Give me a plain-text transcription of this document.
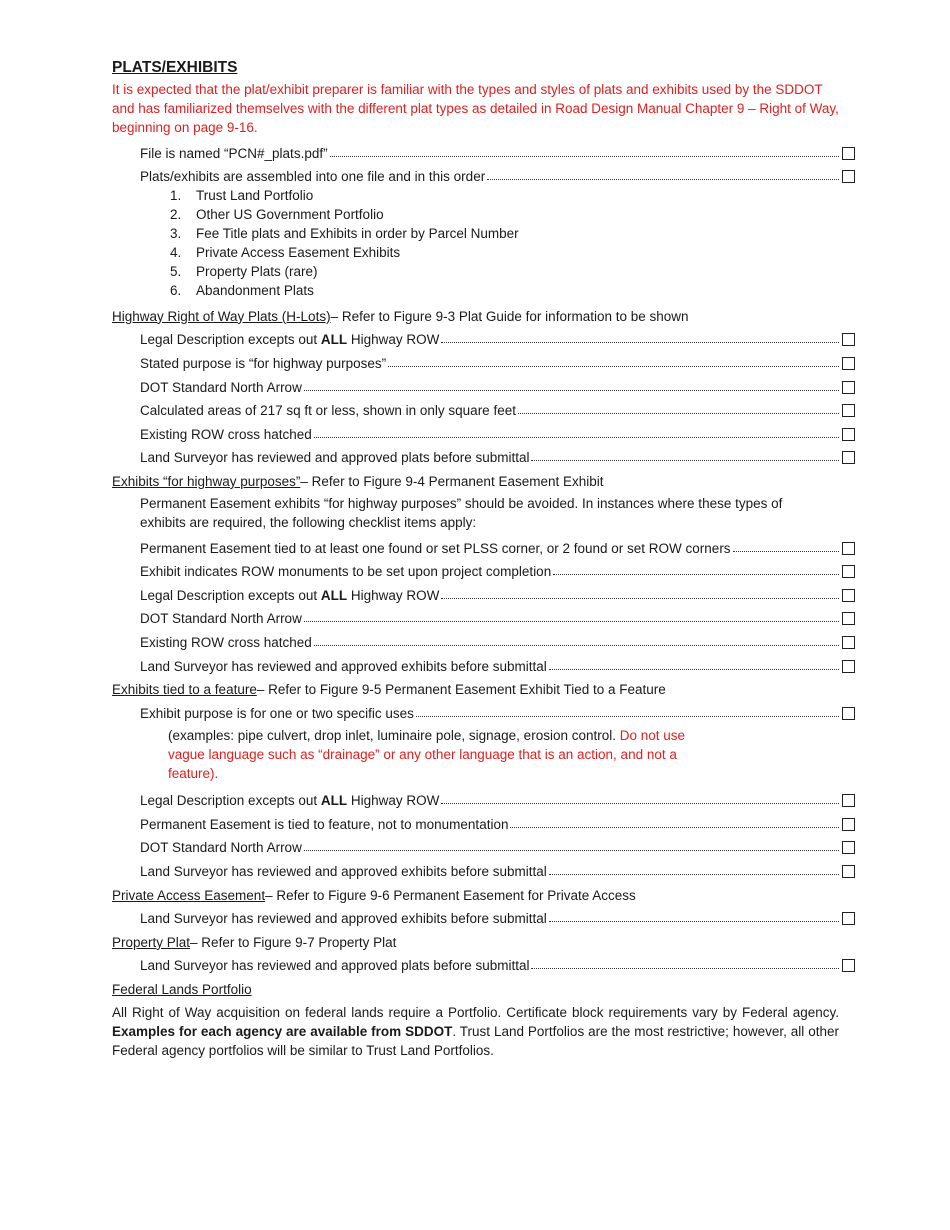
PLATS/EXHIBITS
It is expected that the plat/exhibit preparer is familiar with the types and styles of plats and exhibits used by the SDDOT and has familiarized themselves with the different plat types as detailed in Road Design Manual Chapter 9 – Right of Way, beginning on page 9-16.
File is named “PCN#_plats.pdf”
Plats/exhibits are assembled into one file and in this order
1.	Trust Land Portfolio
2.	Other US Government Portfolio
3.	Fee Title plats and Exhibits in order by Parcel Number
4.	Private Access Easement Exhibits
5.	Property Plats (rare)
6.	Abandonment Plats
Highway Right of Way Plats (H-Lots) – Refer to Figure 9-3 Plat Guide for information to be shown
Legal Description excepts out ALL Highway ROW
Stated purpose is “for highway purposes”
DOT Standard North Arrow
Calculated areas of 217 sq ft or less, shown in only square feet
Existing ROW cross hatched
Land Surveyor has reviewed and approved plats before submittal
Exhibits “for highway purposes” – Refer to Figure 9-4 Permanent Easement Exhibit
Permanent Easement exhibits “for highway purposes” should be avoided. In instances where these types of exhibits are required, the following checklist items apply:
Permanent Easement tied to at least one found or set PLSS corner, or 2 found or set ROW corners
Exhibit indicates ROW monuments to be set upon project completion
Legal Description excepts out ALL Highway ROW
DOT Standard North Arrow
Existing ROW cross hatched
Land Surveyor has reviewed and approved exhibits before submittal
Exhibits tied to a feature – Refer to Figure 9-5 Permanent Easement Exhibit Tied to a Feature
Exhibit purpose is for one or two specific uses
(examples: pipe culvert, drop inlet, luminaire pole, signage, erosion control. Do not use vague language such as “drainage” or any other language that is an action, and not a feature).
Legal Description excepts out ALL Highway ROW
Permanent Easement is tied to feature, not to monumentation
DOT Standard North Arrow
Land Surveyor has reviewed and approved exhibits before submittal
Private Access Easement – Refer to Figure 9-6 Permanent Easement for Private Access
Land Surveyor has reviewed and approved exhibits before submittal
Property Plat – Refer to Figure 9-7 Property Plat
Land Surveyor has reviewed and approved plats before submittal
Federal Lands Portfolio
All Right of Way acquisition on federal lands require a Portfolio. Certificate block requirements vary by Federal agency. Examples for each agency are available from SDDOT. Trust Land Portfolios are the most restrictive; however, all other Federal agency portfolios will be similar to Trust Land Portfolios.
